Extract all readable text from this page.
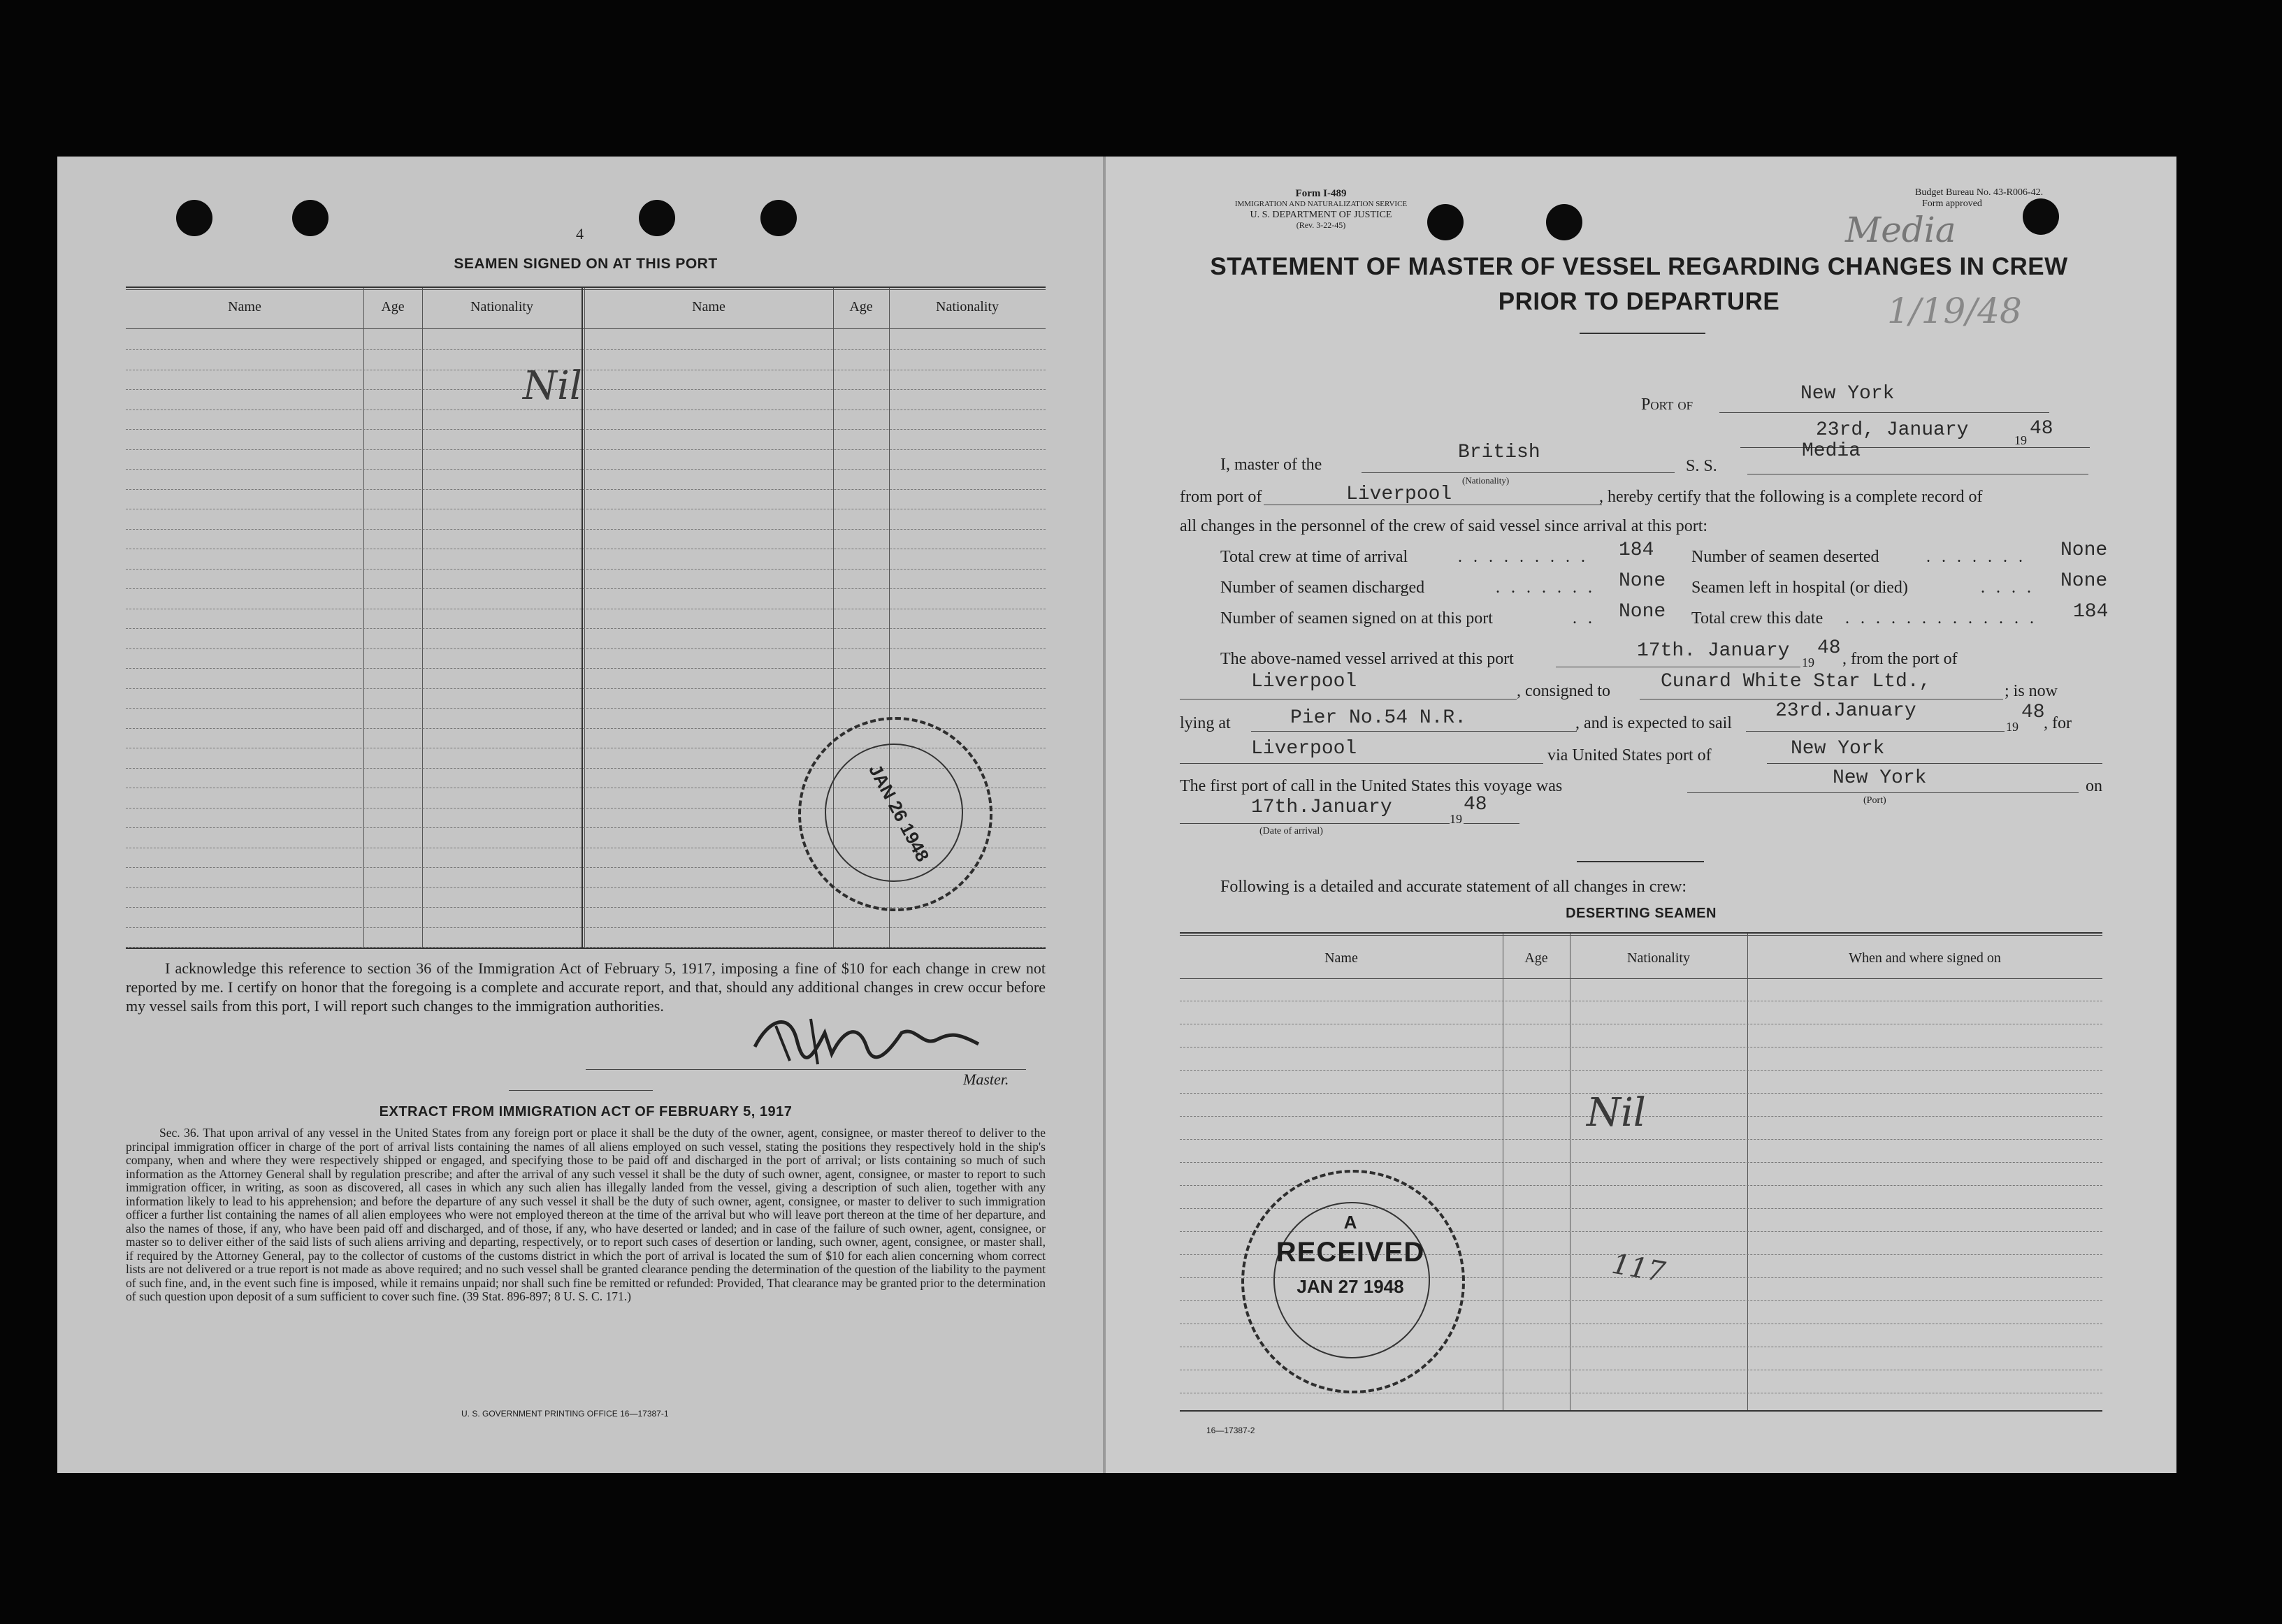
4
SEAMEN SIGNED ON AT THIS PORT
Name	Age	Nationality	Name	Age	Nationality
Nil
JAN 26 1948
I acknowledge this reference to section 36 of the Immigration Act of February 5, 1917, imposing a fine of $10 for each change in crew not reported by me. I certify on honor that the foregoing is a complete and accurate report, and that, should any additional changes in crew occur before my vessel sails from this port, I will report such changes to the immigration authorities.
Master.
EXTRACT FROM IMMIGRATION ACT OF FEBRUARY 5, 1917
Sec. 36. That upon arrival of any vessel in the United States from any foreign port or place it shall be the duty of the owner, agent, consignee, or master thereof to deliver to the principal immigration officer in charge of the port of arrival lists containing the names of all aliens employed on such vessel, stating the positions they respectively hold in the ship's company, when and where they were respectively shipped or engaged, and specifying those to be paid off and discharged in the port of arrival; or lists containing so much of such information as the Attorney General shall by regulation prescribe; and after the arrival of any such vessel it shall be the duty of such owner, agent, consignee, or master to report to such immigration officer, in writing, as soon as discovered, all cases in which any such alien has illegally landed from the vessel, giving a description of such alien, together with any information likely to lead to his apprehension; and before the departure of any such vessel it shall be the duty of such owner, agent, consignee, or master to deliver to such immigration officer a further list containing the names of all alien employees who were not employed thereon at the time of the arrival but who will leave port thereon at the time of her departure, and also the names of those, if any, who have been paid off and discharged, and of those, if any, who have deserted or landed; and in case of the failure of such owner, agent, consignee, or master so to deliver either of the said lists of such aliens arriving and departing, respectively, or to report such cases of desertion or landing, such owner, agent, consignee, or master shall, if required by the Attorney General, pay to the collector of customs of the customs district in which the port of arrival is located the sum of $10 for each alien concerning whom correct lists are not delivered or a true report is not made as above required; and no such vessel shall be granted clearance pending the determination of the question of the liability to the payment of such fine, and, in the event such fine is imposed, while it remains unpaid; nor shall such fine be remitted or refunded: Provided, That clearance may be granted prior to the determination of such question upon deposit of a sum sufficient to cover such fine. (39 Stat. 896-897; 8 U. S. C. 171.)
U. S. GOVERNMENT PRINTING OFFICE 16—17387-1
Form I-489
IMMIGRATION AND NATURALIZATION SERVICE
U. S. DEPARTMENT OF JUSTICE
(Rev. 3-22-45)
Budget Bureau No. 43-R006-42.
Form approved
Media
1/19/48
STATEMENT OF MASTER OF VESSEL REGARDING CHANGES IN CREW
PRIOR TO DEPARTURE
Port of	New York
23rd, January	19
48
I, master of the
British
(Nationality)
S. S.
Media
from port of	Liverpool	, hereby certify that the following is a complete record of
all changes in the personnel of the crew of said vessel since arrival at this port:
Total crew at time of arrival	. . . . . . . . . 184 Number of seamen deserted	. . . . . . . None
Number of seamen discharged	. . . . . . . None Seamen left in hospital (or died)	. . . . None
Number of seamen signed on at this port	. . None Total crew this date . . . . . . . . . . . . . 184
The above-named vessel arrived at this port	17th. January
19
48 , from the port of
Liverpool	, consigned to	Cunard White Star Ltd.,	; is now
lying at	Pier No.54 N.R.	, and is expected to sail
23rd.January
19
48
, for
Liverpool	via United States port of	New York
The first port of call in the United States this voyage was	New York
(Port)
on
17th.January
19
48
(Date of arrival)
Following is a detailed and accurate statement of all changes in crew:
DESERTING SEAMEN
Name	Age	Nationality	When and where signed on
Nil
117
A
RECEIVED
JAN 27 1948
16—17387-2
